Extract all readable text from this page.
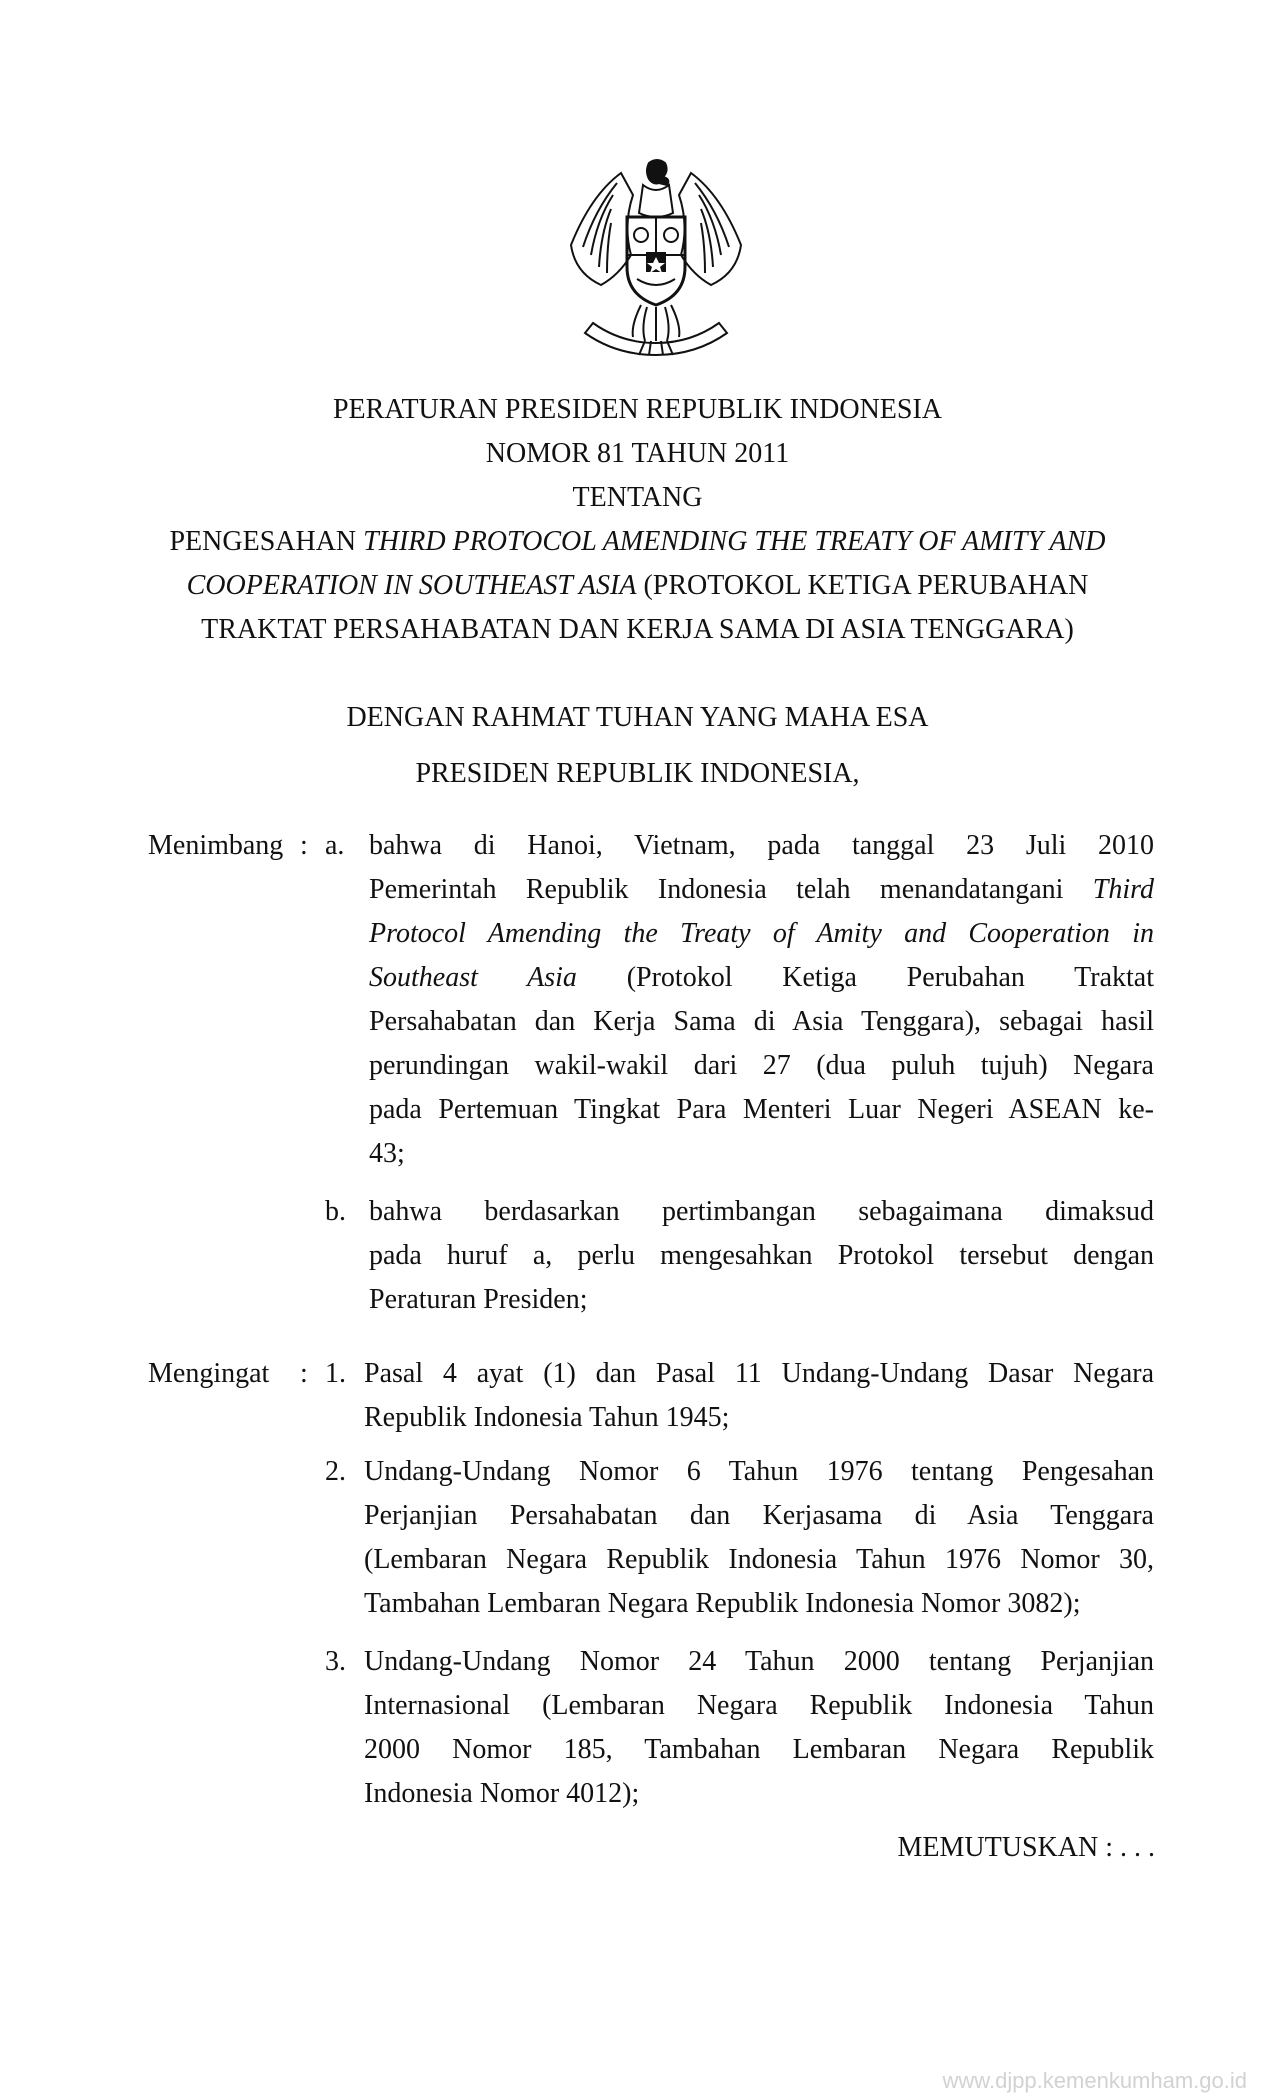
PERATURAN PRESIDEN REPUBLIK INDONESIA
NOMOR 81 TAHUN 2011
TENTANG
PENGESAHAN THIRD PROTOCOL AMENDING THE TREATY OF AMITY AND
COOPERATION IN SOUTHEAST ASIA (PROTOKOL KETIGA PERUBAHAN
TRAKTAT PERSAHABATAN DAN KERJA SAMA DI ASIA TENGGARA)
DENGAN RAHMAT TUHAN YANG MAHA ESA
PRESIDEN REPUBLIK INDONESIA,
Menimbang : a. bahwa di Hanoi, Vietnam, pada tanggal 23 Juli 2010
Pemerintah Republik Indonesia telah menandatangani Third
Protocol Amending the Treaty of Amity and Cooperation in
Southeast Asia (Protokol Ketiga Perubahan Traktat
Persahabatan dan Kerja Sama di Asia Tenggara), sebagai hasil
perundingan wakil-wakil dari 27 (dua puluh tujuh) Negara
pada Pertemuan Tingkat Para Menteri Luar Negeri ASEAN ke-
43;
b. bahwa berdasarkan pertimbangan sebagaimana dimaksud
pada huruf a, perlu mengesahkan Protokol tersebut dengan
Peraturan Presiden;
Mengingat : 1. Pasal 4 ayat (1) dan Pasal 11 Undang-Undang Dasar Negara
Republik Indonesia Tahun 1945;
2. Undang-Undang Nomor 6 Tahun 1976 tentang Pengesahan
Perjanjian Persahabatan dan Kerjasama di Asia Tenggara
(Lembaran Negara Republik Indonesia Tahun 1976 Nomor 30,
Tambahan Lembaran Negara Republik Indonesia Nomor 3082);
3. Undang-Undang Nomor 24 Tahun 2000 tentang Perjanjian
Internasional (Lembaran Negara Republik Indonesia Tahun
2000 Nomor 185, Tambahan Lembaran Negara Republik
Indonesia Nomor 4012);
MEMUTUSKAN : . . .
www.djpp.kemenkumham.go.id
